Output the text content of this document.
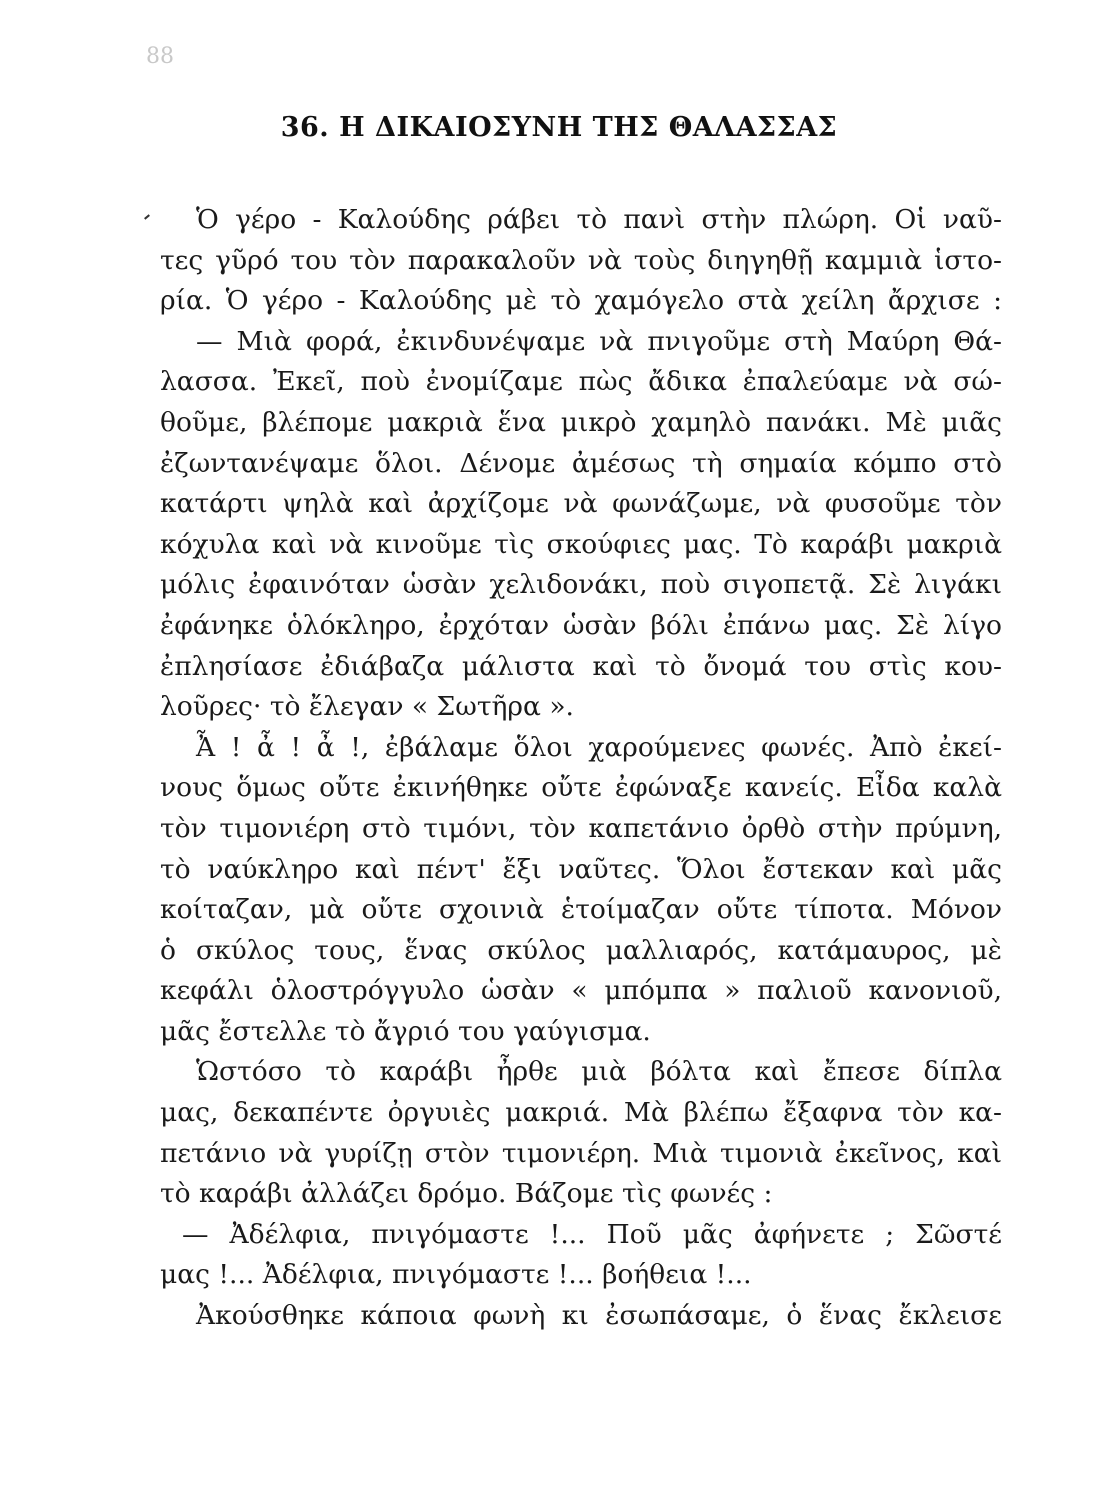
88
36. Η ΔΙΚΑΙΟΣΥΝΗ ΤΗΣ ΘΑΛΑΣΣΑΣ
Ὁ γέρο - Καλούδης ράβει τὸ πανὶ στὴν πλώρη. Οἱ ναῦ-
τες γῦρό του τὸν παρακαλοῦν νὰ τοὺς διηγηθῇ καμμιὰ ἱστο-
ρία. Ὁ γέρο - Καλούδης μὲ τὸ χαμόγελο στὰ χείλη ἄρχισε :
— Μιὰ φορά, ἐκινδυνέψαμε νὰ πνιγοῦμε στὴ Μαύρη Θά-
λασσα. Ἐκεῖ, ποὺ ἐνομίζαμε πὼς ἄδικα ἐπαλεύαμε νὰ σώ-
θοῦμε, βλέπομε μακριὰ ἕνα μικρὸ χαμηλὸ πανάκι. Μὲ μιᾶς
ἐζωντανέψαμε ὅλοι. Δένομε ἀμέσως τὴ σημαία κόμπο στὸ
κατάρτι ψηλὰ καὶ ἀρχίζομε νὰ φωνάζωμε, νὰ φυσοῦμε τὸν
κόχυλα καὶ νὰ κινοῦμε τὶς σκούφιες μας. Τὸ καράβι μακριὰ
μόλις ἐφαινόταν ὡσὰν χελιδονάκι, ποὺ σιγοπετᾷ. Σὲ λιγάκι
ἐφάνηκε ὁλόκληρο, ἐρχόταν ὡσὰν βόλι ἐπάνω μας. Σὲ λίγο
ἐπλησίασε ἐδιάβαζα μάλιστα καὶ τὸ ὄνομά του στὶς κου-
λοῦρες· τὸ ἔλεγαν « Σωτῆρα ».
Ἆ ! ἆ ! ἆ !, ἐβάλαμε ὅλοι χαρούμενες φωνές. Ἀπὸ ἐκεί-
νους ὅμως οὔτε ἐκινήθηκε οὔτε ἐφώναξε κανείς. Εἶδα καλὰ
τὸν τιμονιέρη στὸ τιμόνι, τὸν καπετάνιο ὀρθὸ στὴν πρύμνη,
τὸ ναύκληρο καὶ πέντ' ἔξι ναῦτες. Ὅλοι ἔστεκαν καὶ μᾶς
κοίταζαν, μὰ οὔτε σχοινιὰ ἑτοίμαζαν οὔτε τίποτα. Μόνον
ὁ σκύλος τους, ἕνας σκύλος μαλλιαρός, κατάμαυρος, μὲ
κεφάλι ὁλοστρόγγυλο ὡσὰν « μπόμπα » παλιοῦ κανονιοῦ,
μᾶς ἔστελλε τὸ ἄγριό του γαύγισμα.
Ὡστόσο τὸ καράβι ἦρθε μιὰ βόλτα καὶ ἔπεσε δίπλα
μας, δεκαπέντε ὀργυιὲς μακριά. Μὰ βλέπω ἔξαφνα τὸν κα-
πετάνιο νὰ γυρίζῃ στὸν τιμονιέρη. Μιὰ τιμονιὰ ἐκεῖνος, καὶ
τὸ καράβι ἀλλάζει δρόμο. Βάζομε τὶς φωνές :
— Ἀδέλφια, πνιγόμαστε !... Ποῦ μᾶς ἀφήνετε ; Σῶστέ
μας !... Ἀδέλφια, πνιγόμαστε !... βοήθεια !...
Ἀκούσθηκε κάποια φωνὴ κι ἐσωπάσαμε, ὁ ἕνας ἔκλεισε
